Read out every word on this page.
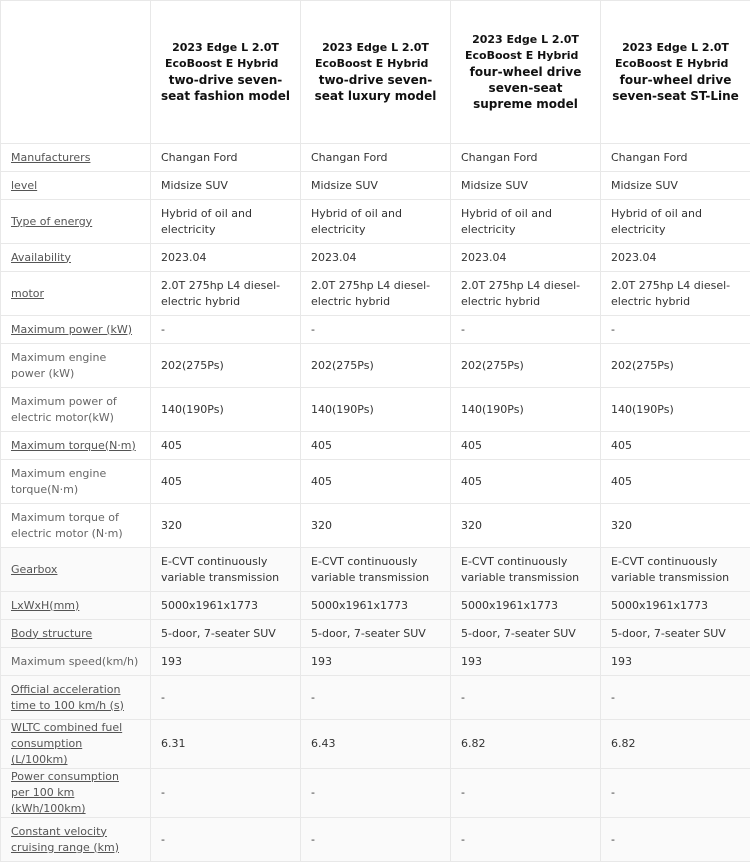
	2023 Edge L 2.0T
EcoBoost E Hybrid
two-drive seven-seat fashion model	2023 Edge L 2.0T
EcoBoost E Hybrid
two-drive seven-seat luxury model	2023 Edge L 2.0T
EcoBoost E Hybrid
four-wheel drive seven-seat supreme model	2023 Edge L 2.0T
EcoBoost E Hybrid
four-wheel drive seven-seat ST-Line

Manufacturers	Changan Ford	Changan Ford	Changan Ford	Changan Ford
level	Midsize SUV	Midsize SUV	Midsize SUV	Midsize SUV
Type of energy	Hybrid of oil and electricity	Hybrid of oil and electricity	Hybrid of oil and electricity	Hybrid of oil and electricity
Availability	2023.04	2023.04	2023.04	2023.04
motor	2.0T 275hp L4 diesel-electric hybrid	2.0T 275hp L4 diesel-electric hybrid	2.0T 275hp L4 diesel-electric hybrid	2.0T 275hp L4 diesel-electric hybrid
Maximum power (kW)	-	-	-	-
Maximum engine power (kW)	202(275Ps)	202(275Ps)	202(275Ps)	202(275Ps)
Maximum power of electric motor(kW)	140(190Ps)	140(190Ps)	140(190Ps)	140(190Ps)
Maximum torque(N·m)	405	405	405	405
Maximum engine torque(N·m)	405	405	405	405
Maximum torque of electric motor (N·m)	320	320	320	320
Gearbox	E-CVT continuously variable transmission	E-CVT continuously variable transmission	E-CVT continuously variable transmission	E-CVT continuously variable transmission
LxWxH(mm)	5000x1961x1773	5000x1961x1773	5000x1961x1773	5000x1961x1773
Body structure	5-door, 7-seater SUV	5-door, 7-seater SUV	5-door, 7-seater SUV	5-door, 7-seater SUV
Maximum speed(km/h)	193	193	193	193
Official acceleration time to 100 km/h (s)	-	-	-	-
WLTC combined fuel consumption (L/100km)	6.31	6.43	6.82	6.82
Power consumption per 100 km (kWh/100km)	-	-	-	-
Constant velocity cruising range (km)	-	-	-	-
